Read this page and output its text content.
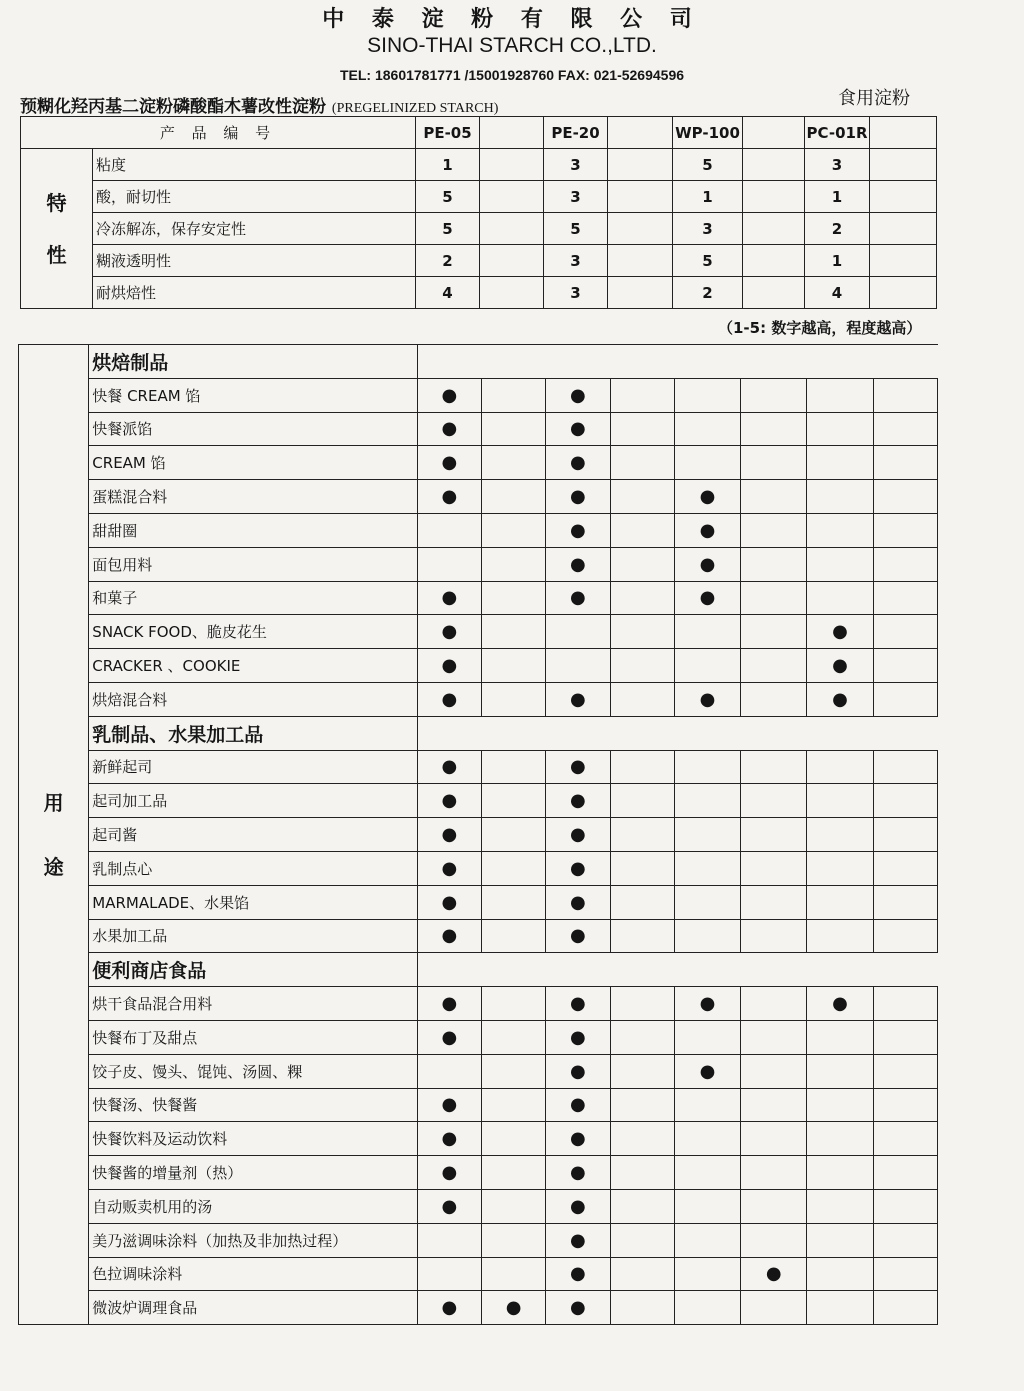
中 泰 淀 粉 有 限 公 司
SINO-THAI STARCH CO.,LTD.
TEL: 18601781771 /15001928760 FAX: 021-52694596
预糊化羟丙基二淀粉磷酸酯木薯改性淀粉 (PREGELINIZED STARCH)	食用淀粉
产 品 编 号		PE-05		PE-20		WP-100		PC-01R	

特
性	粘度	1		3		5		3	
	酸，耐切性	5		3		1		1	
	冷冻解冻，保存安定性	5		5		3		2	
	糊液透明性	2		3		5		1	
	耐烘焙性	4		3		2		4	
（1-5: 数字越高，程度越高）
用
途	烘焙制品								
	快餐 CREAM 馅	●		●					
	快餐派馅	●		●					
	CREAM 馅	●		●					
	蛋糕混合料	●		●		●			
	甜甜圈			●		●			
	面包用料			●		●			
	和菓子	●		●		●			
	SNACK FOOD、脆皮花生	●						●	
	CRACKER 、COOKIE	●						●	
	烘焙混合料	●		●		●		●	
	乳制品、水果加工品								
	新鲜起司	●		●					
	起司加工品	●		●					
	起司酱	●		●					
	乳制点心	●		●					
	MARMALADE、水果馅	●		●					
	水果加工品	●		●					
	便利商店食品								
	烘干食品混合用料	●		●		●		●	
	快餐布丁及甜点	●		●					
	饺子皮、馒头、馄饨、汤圆、粿			●		●			
	快餐汤、快餐酱	●		●					
	快餐饮料及运动饮料	●		●					
	快餐酱的增量剂（热）	●		●					
	自动贩卖机用的汤	●		●					
	美乃滋调味涂料（加热及非加热过程）			●					
	色拉调味涂料			●			●		
	微波炉调理食品	●	●	●					
